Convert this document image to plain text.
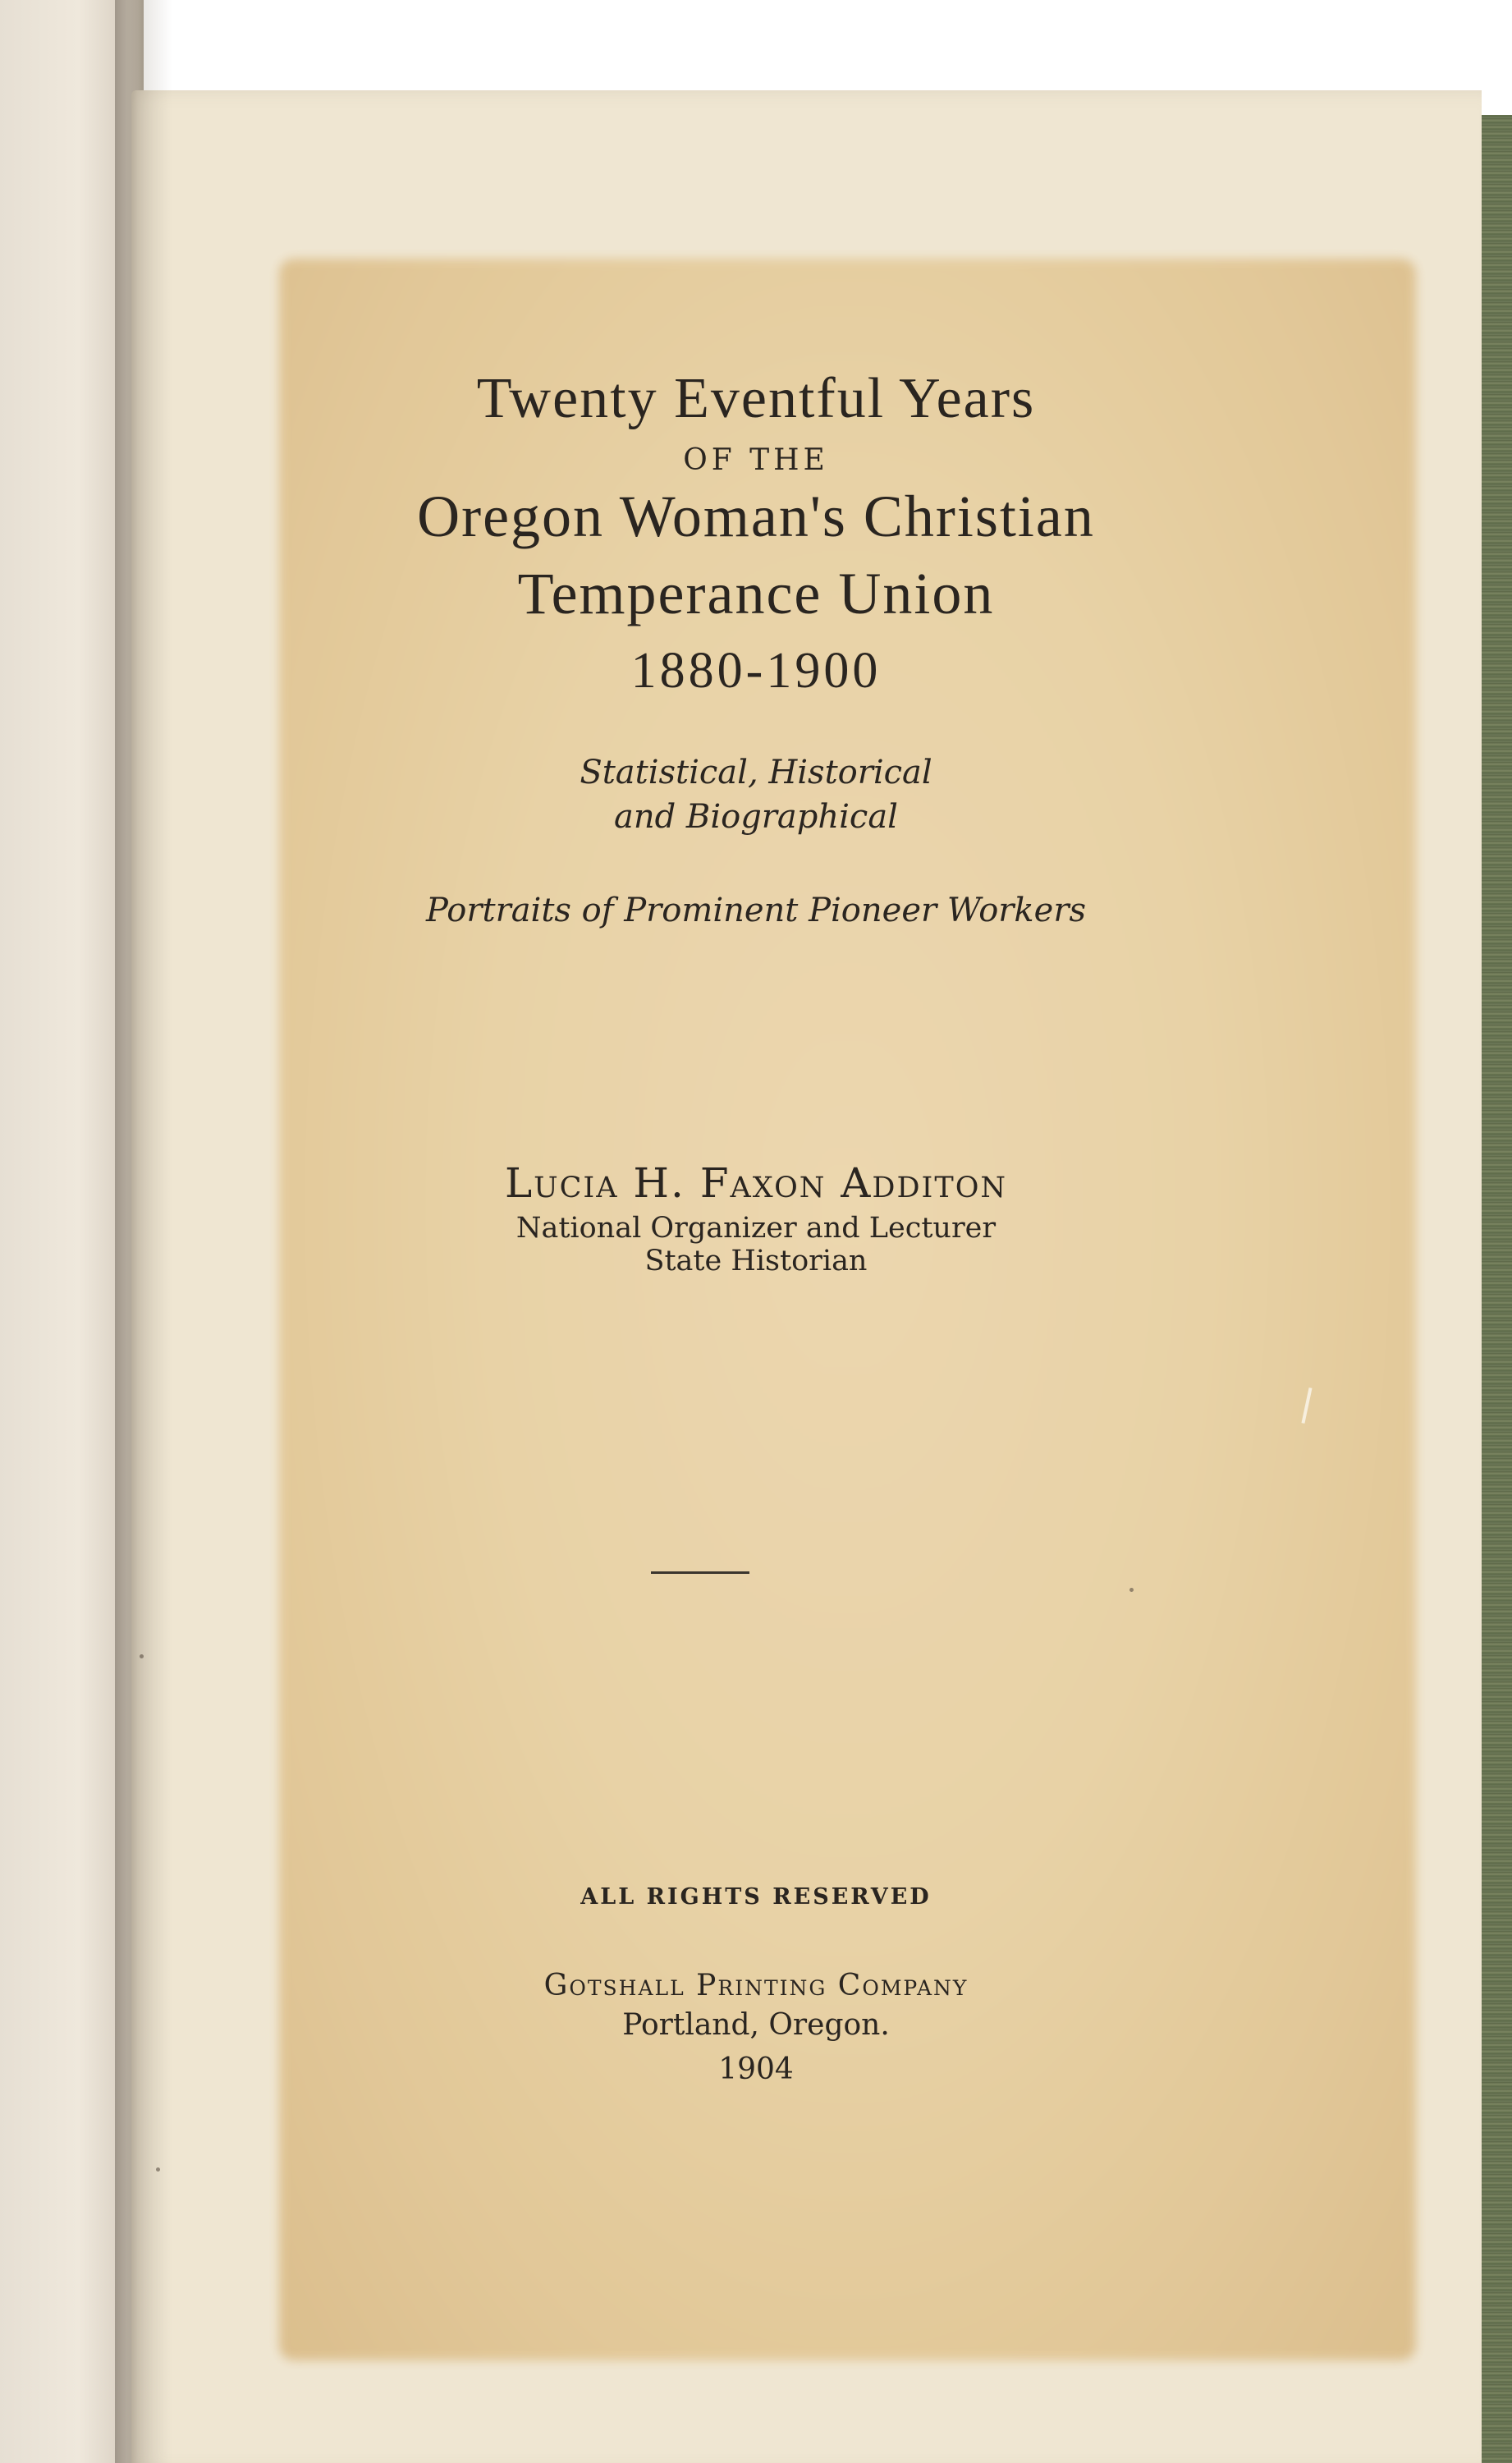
Twenty Eventful Years
OF THE
Oregon Woman's Christian
Temperance Union
1880-1900
Statistical, Historical
and Biographical
Portraits of Prominent Pioneer Workers
Lucia H. Faxon Additon
National Organizer and Lecturer
State Historian
ALL RIGHTS RESERVED
Gotshall Printing Company
Portland, Oregon.
1904
